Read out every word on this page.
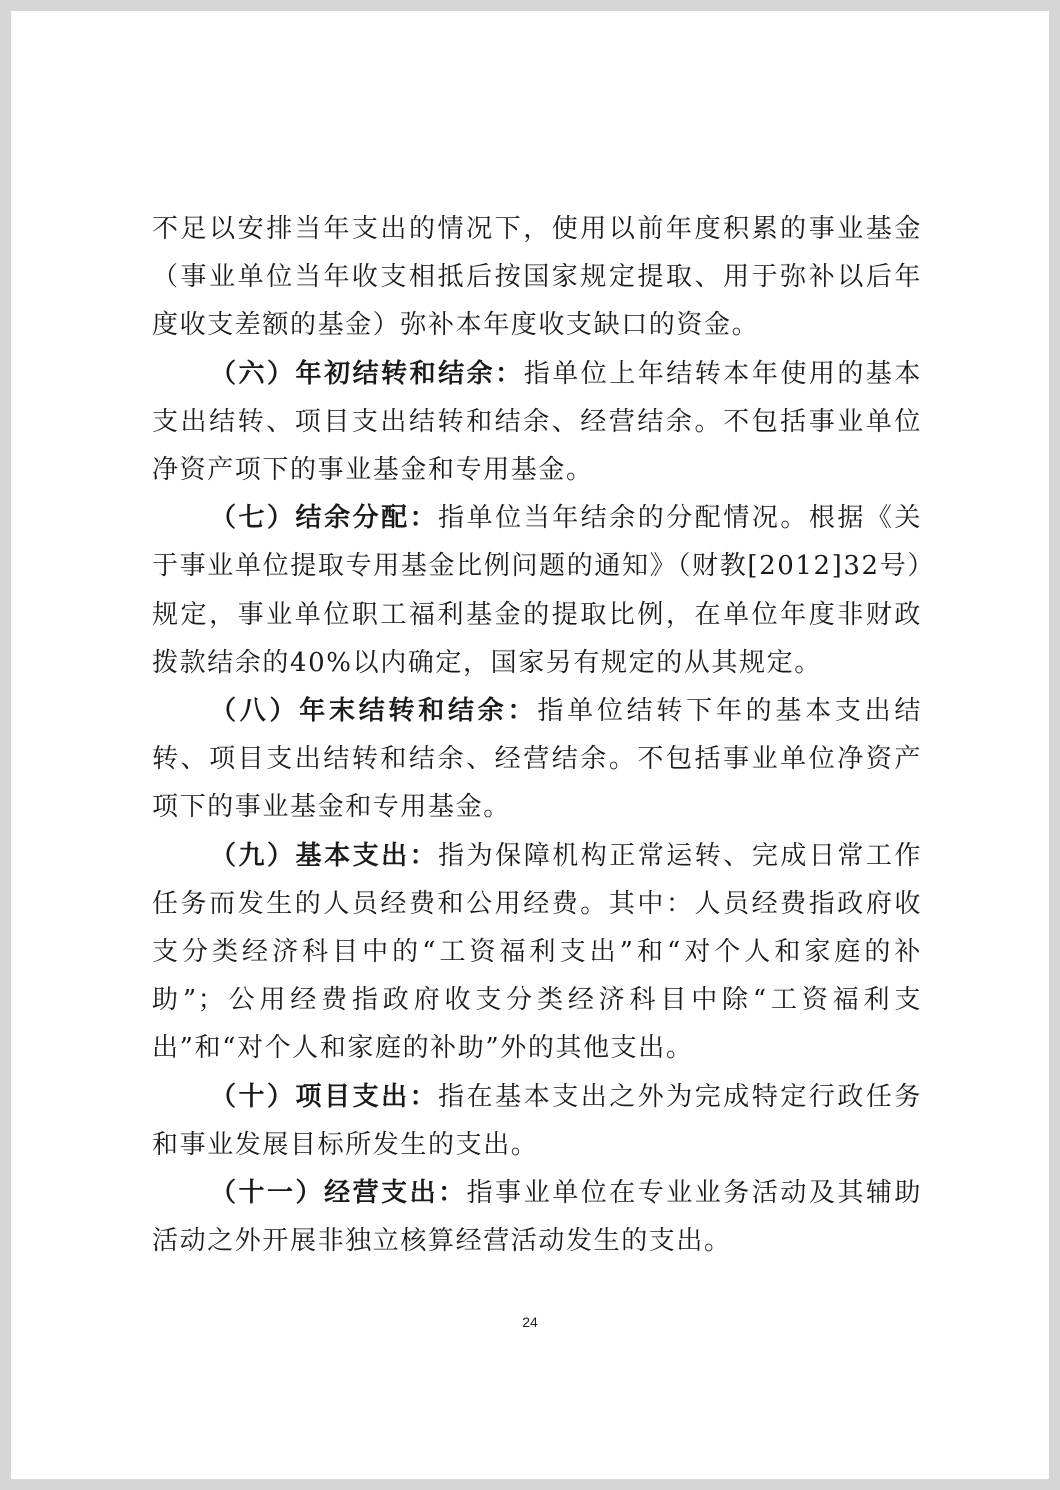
不足以安排当年支出的情况下，使用以前年度积累的事业基金（事业单位当年收支相抵后按国家规定提取、用于弥补以后年度收支差额的基金）弥补本年度收支缺口的资金。

（六）年初结转和结余：指单位上年结转本年使用的基本支出结转、项目支出结转和结余、经营结余。不包括事业单位净资产项下的事业基金和专用基金。

（七）结余分配：指单位当年结余的分配情况。根据《关于事业单位提取专用基金比例问题的通知》（财教[2012]32号）规定，事业单位职工福利基金的提取比例，在单位年度非财政拨款结余的40%以内确定，国家另有规定的从其规定。

（八）年末结转和结余：指单位结转下年的基本支出结转、项目支出结转和结余、经营结余。不包括事业单位净资产项下的事业基金和专用基金。

（九）基本支出：指为保障机构正常运转、完成日常工作任务而发生的人员经费和公用经费。其中：人员经费指政府收支分类经济科目中的“工资福利支出”和“对个人和家庭的补助”；公用经费指政府收支分类经济科目中除“工资福利支出”和“对个人和家庭的补助”外的其他支出。

（十）项目支出：指在基本支出之外为完成特定行政任务和事业发展目标所发生的支出。

（十一）经营支出：指事业单位在专业业务活动及其辅助活动之外开展非独立核算经营活动发生的支出。

24
